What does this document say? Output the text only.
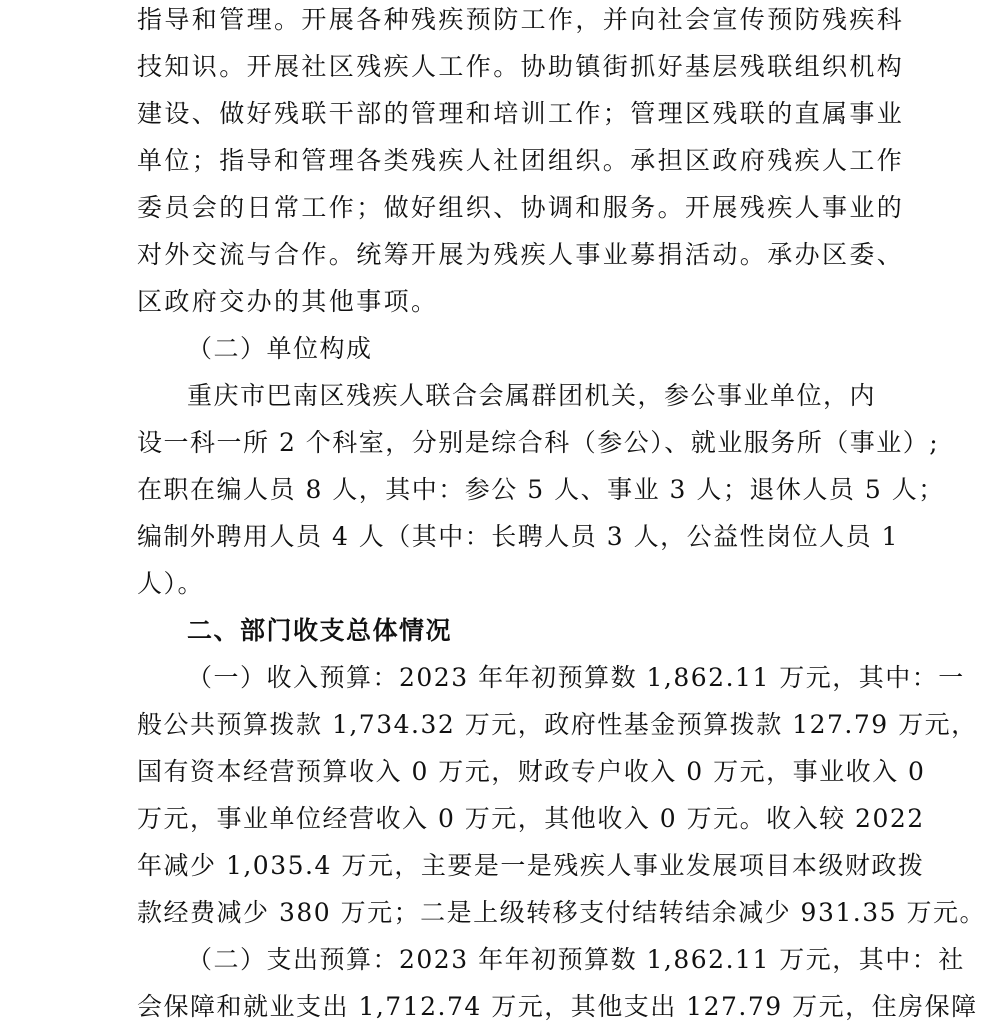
指导和管理。开展各种残疾预防工作，并向社会宣传预防残疾科
技知识。开展社区残疾人工作。协助镇街抓好基层残联组织机构
建设、做好残联干部的管理和培训工作；管理区残联的直属事业
单位；指导和管理各类残疾人社团组织。承担区政府残疾人工作
委员会的日常工作；做好组织、协调和服务。开展残疾人事业的
对外交流与合作。统筹开展为残疾人事业募捐活动。承办区委、
区政府交办的其他事项。
（二）单位构成
重庆市巴南区残疾人联合会属群团机关，参公事业单位，内
设一科一所 2 个科室，分别是综合科（参公）、就业服务所（事业）;
在职在编人员 8 人，其中：参公 5 人、事业 3 人；退休人员 5 人；
编制外聘用人员 4 人（其中：长聘人员 3 人，公益性岗位人员 1
人）。
二、部门收支总体情况
（一）收入预算：2023 年年初预算数 1,862.11 万元，其中：一
般公共预算拨款 1,734.32 万元，政府性基金预算拨款 127.79 万元，
国有资本经营预算收入 0 万元，财政专户收入 0 万元，事业收入 0
万元，事业单位经营收入 0 万元，其他收入 0 万元。收入较 2022
年减少 1,035.4 万元，主要是一是残疾人事业发展项目本级财政拨
款经费减少 380 万元；二是上级转移支付结转结余减少 931.35 万元。
（二）支出预算：2023 年年初预算数 1,862.11 万元，其中：社
会保障和就业支出 1,712.74 万元，其他支出 127.79 万元，住房保障
